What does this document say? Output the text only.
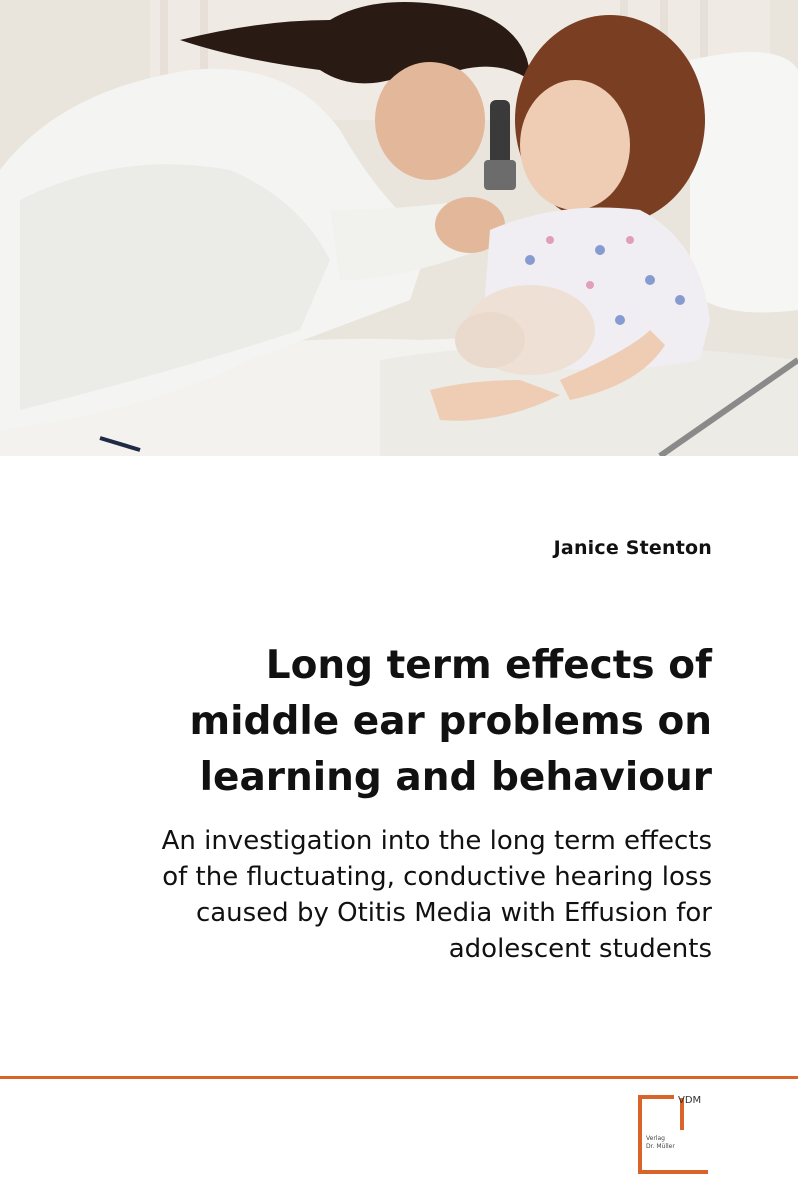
Janice Stenton
Long term effects of
middle ear problems on
learning and behaviour

An investigation into the long term effects
of the fluctuating, conductive hearing loss
caused by Otitis Media with Effusion for
adolescent students

VDM
Verlag
Dr. Müller
